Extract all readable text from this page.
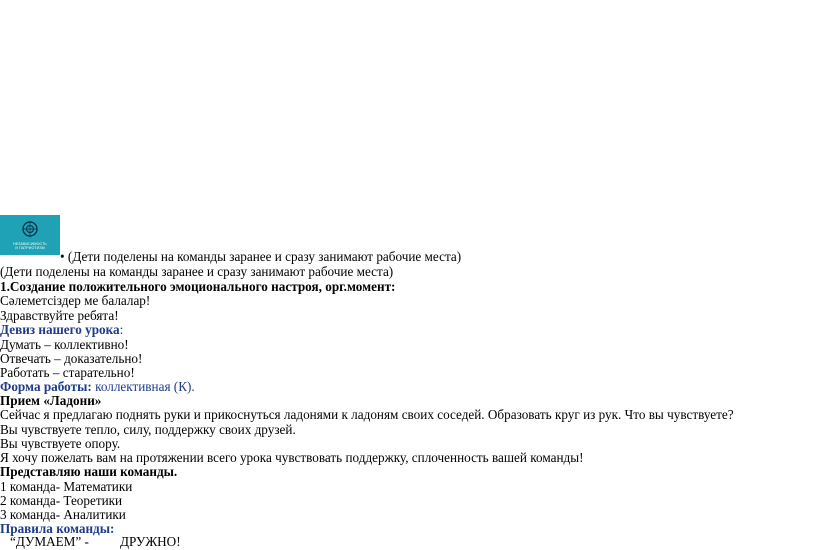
НЕЗАВИСИМОСТЬ
И ПАТРИОТИЗМ
• (Дети поделены на команды заранее и сразу занимают рабочие места)
(Дети поделены на команды заранее и сразу занимают рабочие места)
1.Создание положительного эмоционального настроя, орг.момент:
Сәлеметсіздер ме балалар!
Здравствуйте ребята!
Девиз нашего урока:
Думать – коллективно!
Отвечать – доказательно!
Работать – старательно!
Форма работы: коллективная (К).
Прием «Ладони»
Сейчас я предлагаю поднять руки и прикоснуться ладонями к ладоням своих соседей. Образовать круг из рук. Что вы чувствуете?
Вы чувствуете тепло, силу, поддержку своих друзей.
Вы чувствуете опору.
Я хочу пожелать вам на протяжении всего урока чувствовать поддержку, сплоченность вашей команды!
Представляю наши команды.
1 команда- Математики
2 команда- Теоретики
3 команда- Аналитики
Правила команды:
“ДУМАЕМ” - ДРУЖНО!
